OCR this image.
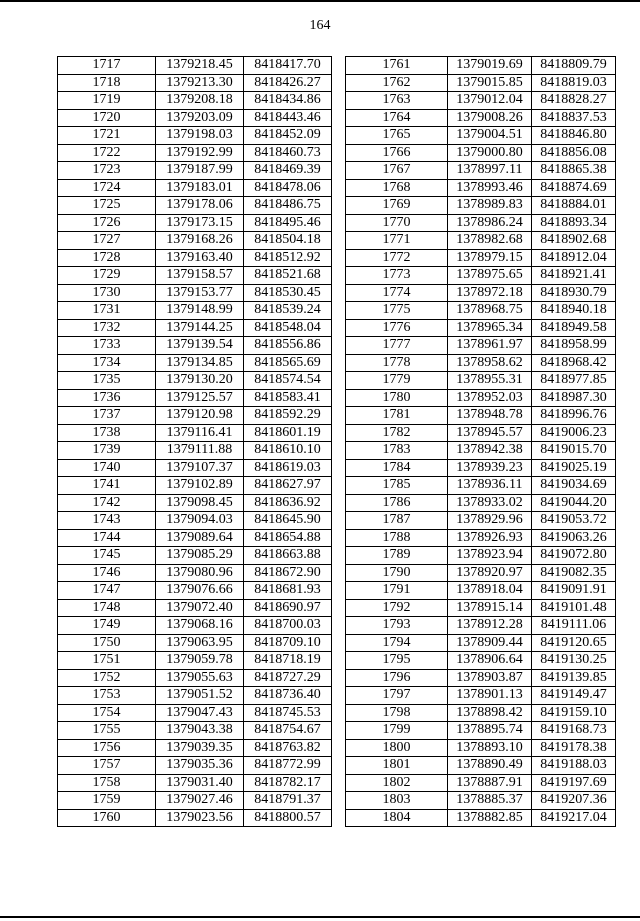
164
1717	1379218.45	8418417.70
1718	1379213.30	8418426.27
1719	1379208.18	8418434.86
1720	1379203.09	8418443.46
1721	1379198.03	8418452.09
1722	1379192.99	8418460.73
1723	1379187.99	8418469.39
1724	1379183.01	8418478.06
1725	1379178.06	8418486.75
1726	1379173.15	8418495.46
1727	1379168.26	8418504.18
1728	1379163.40	8418512.92
1729	1379158.57	8418521.68
1730	1379153.77	8418530.45
1731	1379148.99	8418539.24
1732	1379144.25	8418548.04
1733	1379139.54	8418556.86
1734	1379134.85	8418565.69
1735	1379130.20	8418574.54
1736	1379125.57	8418583.41
1737	1379120.98	8418592.29
1738	1379116.41	8418601.19
1739	1379111.88	8418610.10
1740	1379107.37	8418619.03
1741	1379102.89	8418627.97
1742	1379098.45	8418636.92
1743	1379094.03	8418645.90
1744	1379089.64	8418654.88
1745	1379085.29	8418663.88
1746	1379080.96	8418672.90
1747	1379076.66	8418681.93
1748	1379072.40	8418690.97
1749	1379068.16	8418700.03
1750	1379063.95	8418709.10
1751	1379059.78	8418718.19
1752	1379055.63	8418727.29
1753	1379051.52	8418736.40
1754	1379047.43	8418745.53
1755	1379043.38	8418754.67
1756	1379039.35	8418763.82
1757	1379035.36	8418772.99
1758	1379031.40	8418782.17
1759	1379027.46	8418791.37
1760	1379023.56	8418800.57
1761	1379019.69	8418809.79
1762	1379015.85	8418819.03
1763	1379012.04	8418828.27
1764	1379008.26	8418837.53
1765	1379004.51	8418846.80
1766	1379000.80	8418856.08
1767	1378997.11	8418865.38
1768	1378993.46	8418874.69
1769	1378989.83	8418884.01
1770	1378986.24	8418893.34
1771	1378982.68	8418902.68
1772	1378979.15	8418912.04
1773	1378975.65	8418921.41
1774	1378972.18	8418930.79
1775	1378968.75	8418940.18
1776	1378965.34	8418949.58
1777	1378961.97	8418958.99
1778	1378958.62	8418968.42
1779	1378955.31	8418977.85
1780	1378952.03	8418987.30
1781	1378948.78	8418996.76
1782	1378945.57	8419006.23
1783	1378942.38	8419015.70
1784	1378939.23	8419025.19
1785	1378936.11	8419034.69
1786	1378933.02	8419044.20
1787	1378929.96	8419053.72
1788	1378926.93	8419063.26
1789	1378923.94	8419072.80
1790	1378920.97	8419082.35
1791	1378918.04	8419091.91
1792	1378915.14	8419101.48
1793	1378912.28	8419111.06
1794	1378909.44	8419120.65
1795	1378906.64	8419130.25
1796	1378903.87	8419139.85
1797	1378901.13	8419149.47
1798	1378898.42	8419159.10
1799	1378895.74	8419168.73
1800	1378893.10	8419178.38
1801	1378890.49	8419188.03
1802	1378887.91	8419197.69
1803	1378885.37	8419207.36
1804	1378882.85	8419217.04
